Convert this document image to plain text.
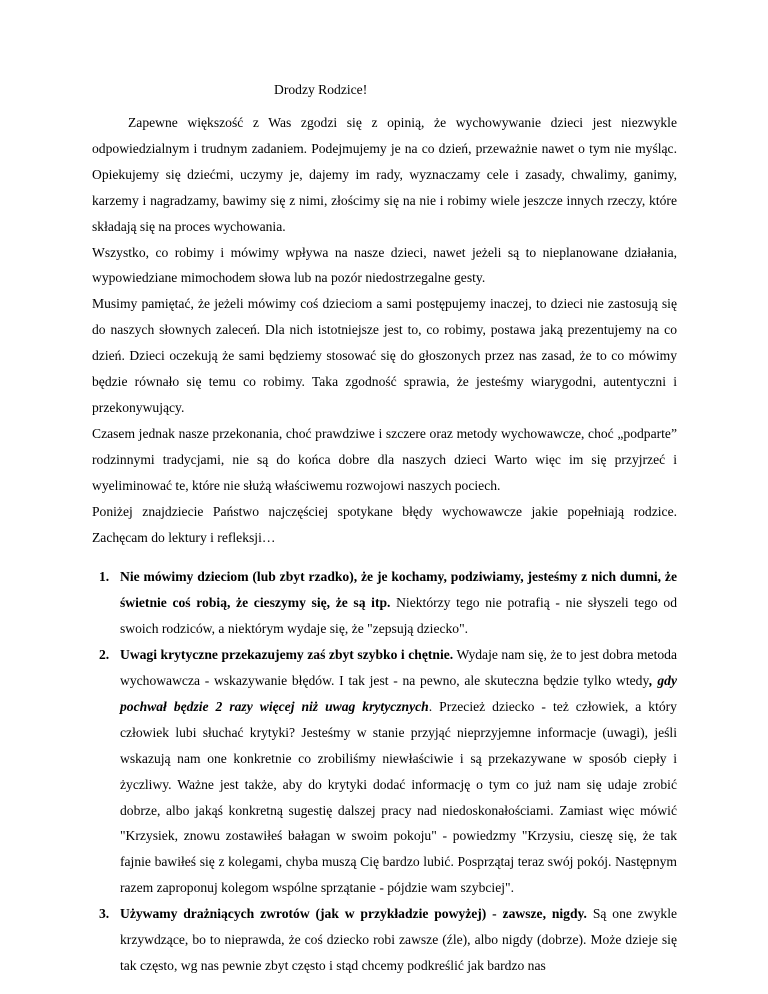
Drodzy Rodzice!

Zapewne większość z Was zgodzi się z opinią, że wychowywanie dzieci jest niezwykle odpowiedzialnym i trudnym zadaniem. Podejmujemy je na co dzień, przeważnie nawet o tym nie myśląc. Opiekujemy się dziećmi, uczymy je, dajemy im rady, wyznaczamy cele i zasady, chwalimy, ganimy, karzemy i nagradzamy, bawimy się z nimi, złościmy się na nie i robimy wiele jeszcze innych rzeczy, które składają się na proces wychowania.

Wszystko, co robimy i mówimy wpływa na nasze dzieci, nawet jeżeli są to nieplanowane działania, wypowiedziane mimochodem słowa lub na pozór niedostrzegalne gesty.

Musimy pamiętać, że jeżeli mówimy coś dzieciom a sami postępujemy inaczej, to dzieci nie zastosują się do naszych słownych zaleceń. Dla nich istotniejsze jest to, co robimy, postawa jaką prezentujemy na co dzień. Dzieci oczekują że sami będziemy stosować się do głoszonych przez nas zasad, że to co mówimy będzie równało się temu co robimy. Taka zgodność sprawia, że jesteśmy wiarygodni, autentyczni i przekonywujący.

Czasem jednak nasze przekonania, choć prawdziwe i szczere oraz metody wychowawcze, choć „podparte” rodzinnymi tradycjami, nie są do końca dobre dla naszych dzieci Warto więc im się przyjrzeć i wyeliminować te, które nie służą właściwemu rozwojowi naszych pociech.

Poniżej znajdziecie Państwo najczęściej spotykane błędy wychowawcze jakie popełniają rodzice. Zachęcam do lektury i refleksji…

1. Nie mówimy dzieciom (lub zbyt rzadko), że je kochamy, podziwiamy, jesteśmy z nich dumni, że świetnie coś robią, że cieszymy się, że są itp. Niektórzy tego nie potrafią - nie słyszeli tego od swoich rodziców, a niektórym wydaje się, że "zepsują dziecko".

2. Uwagi krytyczne przekazujemy zaś zbyt szybko i chętnie. Wydaje nam się, że to jest dobra metoda wychowawcza - wskazywanie błędów. I tak jest - na pewno, ale skuteczna będzie tylko wtedy, gdy pochwał będzie 2 razy więcej niż uwag krytycznych. Przecież dziecko - też człowiek, a który człowiek lubi słuchać krytyki? Jesteśmy w stanie przyjąć nieprzyjemne informacje (uwagi), jeśli wskazują nam one konkretnie co zrobiliśmy niewłaściwie i są przekazywane w sposób ciepły i życzliwy. Ważne jest także, aby do krytyki dodać informację o tym co już nam się udaje zrobić dobrze, albo jakąś konkretną sugestię dalszej pracy nad niedoskonałościami. Zamiast więc mówić "Krzysiek, znowu zostawiłeś bałagan w swoim pokoju" - powiedzmy "Krzysiu, cieszę się, że tak fajnie bawiłeś się z kolegami, chyba muszą Cię bardzo lubić. Posprzątaj teraz swój pokój. Następnym razem zaproponuj kolegom wspólne sprzątanie - pójdzie wam szybciej".

3. Używamy drażniących zwrotów (jak w przykładzie powyżej) - zawsze, nigdy. Są one zwykle krzywdzące, bo to nieprawda, że coś dziecko robi zawsze (źle), albo nigdy (dobrze). Może dzieje się tak często, wg nas pewnie zbyt często i stąd chcemy podkreślić jak bardzo nas
